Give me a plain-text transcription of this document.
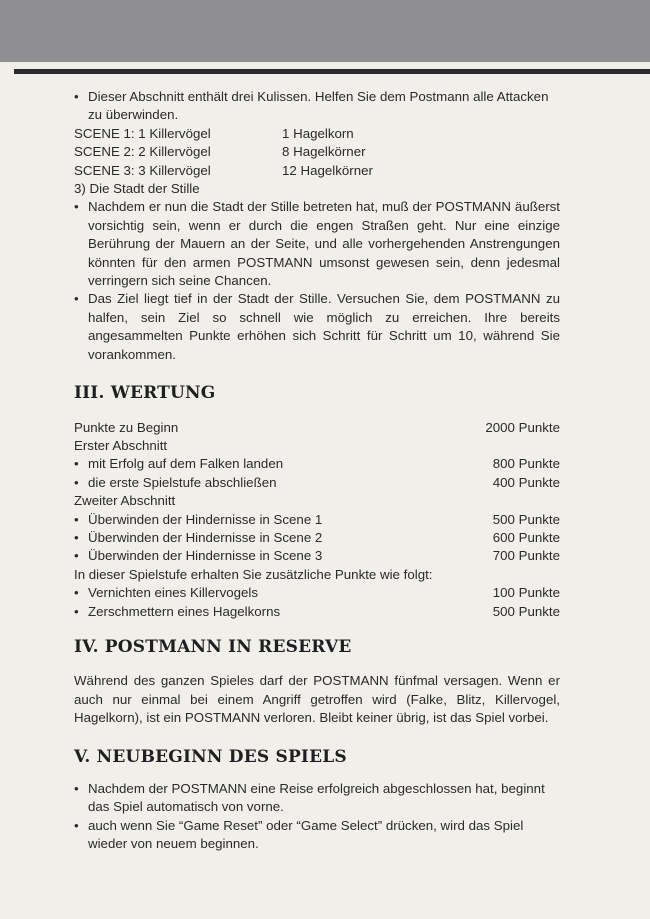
• Dieser Abschnitt enthält drei Kulissen. Helfen Sie dem Postmann alle Attacken zu überwinden.
SCENE 1: 1 Killervögel	1 Hagelkorn
SCENE 2: 2 Killervögel	8 Hagelkörner
SCENE 3: 3 Killervögel	12 Hagelkörner
3) Die Stadt der Stille
• Nachdem er nun die Stadt der Stille betreten hat, muß der POSTMANN äußerst vorsichtig sein, wenn er durch die engen Straßen geht. Nur eine einzige Berührung der Mauern an der Seite, und alle vorhergehenden Anstrengungen könnten für den armen POSTMANN umsonst gewesen sein, denn jedesmal verringern sich seine Chancen.
• Das Ziel liegt tief in der Stadt der Stille. Versuchen Sie, dem POSTMANN zu halfen, sein Ziel so schnell wie möglich zu erreichen. Ihre bereits angesammelten Punkte erhöhen sich Schritt für Schritt um 10, während Sie vorankommen.
III. WERTUNG
Punkte zu Beginn	2000 Punkte
Erster Abschnitt
• mit Erfolg auf dem Falken landen	800 Punkte
• die erste Spielstufe abschließen	400 Punkte
Zweiter Abschnitt
• Überwinden der Hindernisse in Scene 1	500 Punkte
• Überwinden der Hindernisse in Scene 2	600 Punkte
• Überwinden der Hindernisse in Scene 3	700 Punkte
In dieser Spielstufe erhalten Sie zusätzliche Punkte wie folgt:
• Vernichten eines Killervogels	100 Punkte
• Zerschmettern eines Hagelkorns	500 Punkte
IV. POSTMANN IN RESERVE
Während des ganzen Spieles darf der POSTMANN fünfmal versagen. Wenn er auch nur einmal bei einem Angriff getroffen wird (Falke, Blitz, Killervogel, Hagelkorn), ist ein POSTMANN verloren. Bleibt keiner übrig, ist das Spiel vorbei.
V. NEUBEGINN DES SPIELS
• Nachdem der POSTMANN eine Reise erfolgreich abgeschlossen hat, beginnt das Spiel automatisch von vorne.
• auch wenn Sie “Game Reset” oder “Game Select” drücken, wird das Spiel wieder von neuem beginnen.
